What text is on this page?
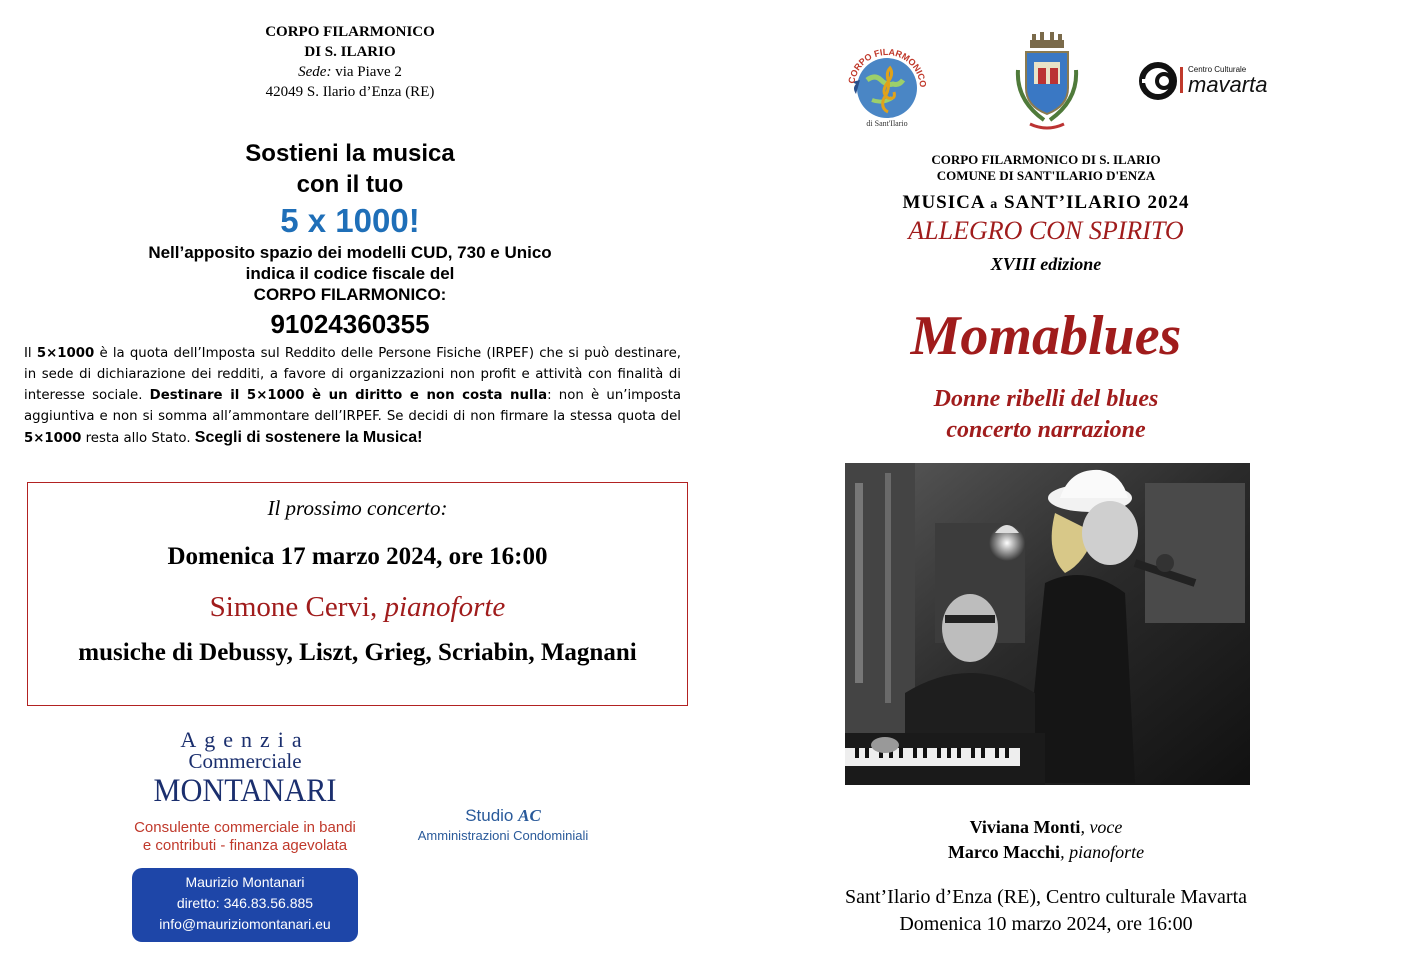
CORPO FILARMONICO
DI S. ILARIO
Sede: via Piave 2
42049 S. Ilario d’Enza (RE)
Sostieni la musica
con il tuo
5 x 1000!
Nell’apposito spazio dei modelli CUD, 730 e Unico
indica il codice fiscale del
CORPO FILARMONICO:
91024360355
Il 5×1000 è la quota dell’Imposta sul Reddito delle Persone Fisiche (IRPEF) che si può destinare, in sede di dichiarazione dei redditi, a favore di organizzazioni non profit e attività con finalità di interesse sociale. Destinare il 5×1000 è un diritto e non costa nulla: non è un’imposta aggiuntiva e non si somma all’ammontare dell’IRPEF. Se decidi di non firmare la stessa quota del 5×1000 resta allo Stato. Scegli di sostenere la Musica!
Il prossimo concerto:
Domenica 17 marzo 2024, ore 16:00
Simone Cervi, pianoforte
musiche di Debussy, Liszt, Grieg, Scriabin, Magnani
Agenzia
Commerciale
MONTANARI
Consulente commerciale in bandi
e contributi - finanza agevolata
Maurizio Montanari
diretto: 346.83.56.885
info@mauriziomontanari.eu
Studio AC
Amministrazioni Condominiali
CORPO FILARMONICO
di Sant'Ilario
Centro Culturale
mavarta
CORPO FILARMONICO DI S. ILARIO
COMUNE DI SANT'ILARIO D'ENZA
MUSICA a SANT’ILARIO 2024
ALLEGRO CON SPIRITO
XVIII edizione
Momablues
Donne ribelli del blues
concerto narrazione
Viviana Monti, voce
Marco Macchi, pianoforte
Sant’Ilario d’Enza (RE), Centro culturale Mavarta
Domenica 10 marzo 2024, ore 16:00
